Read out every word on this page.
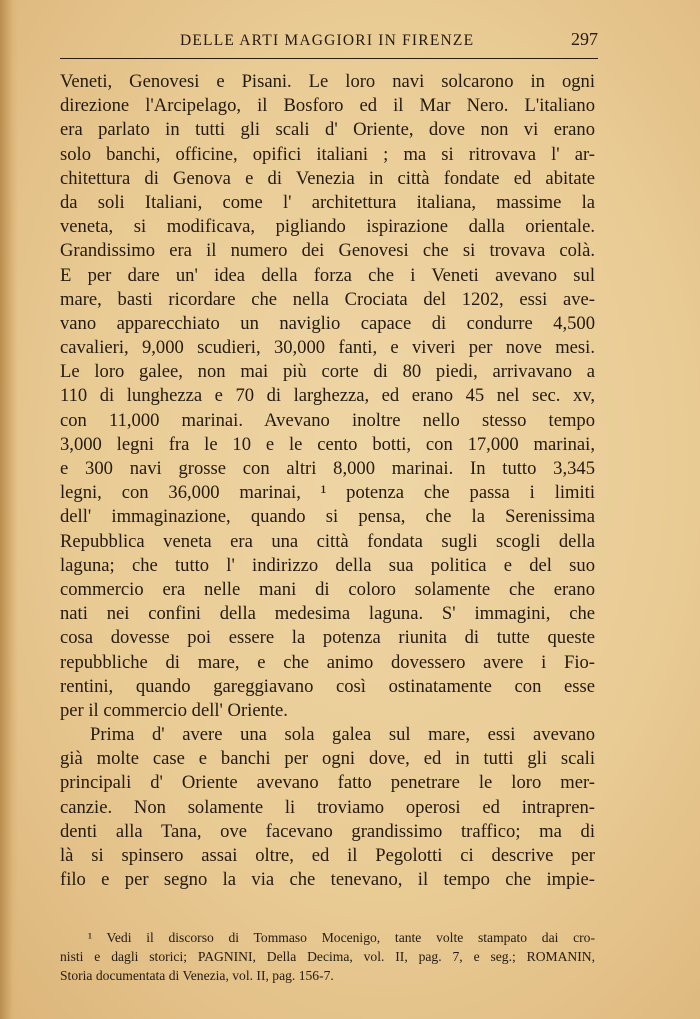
DELLE ARTI MAGGIORI IN FIRENZE	297
Veneti, Genovesi e Pisani. Le loro navi solcarono in ogni
direzione l'Arcipelago, il Bosforo ed il Mar Nero. L'italiano
era parlato in tutti gli scali d' Oriente, dove non vi erano
solo banchi, officine, opifici italiani ; ma si ritrovava l' ar-
chitettura di Genova e di Venezia in città fondate ed abitate
da soli Italiani, come l' architettura italiana, massime la
veneta, si modificava, pigliando ispirazione dalla orientale.
Grandissimo era il numero dei Genovesi che si trovava colà.
E per dare un' idea della forza che i Veneti avevano sul
mare, basti ricordare che nella Crociata del 1202, essi ave-
vano apparecchiato un naviglio capace di condurre 4,500
cavalieri, 9,000 scudieri, 30,000 fanti, e viveri per nove mesi.
Le loro galee, non mai più corte di 80 piedi, arrivavano a
110 di lunghezza e 70 di larghezza, ed erano 45 nel sec. xv,
con 11,000 marinai. Avevano inoltre nello stesso tempo
3,000 legni fra le 10 e le cento botti, con 17,000 marinai,
e 300 navi grosse con altri 8,000 marinai. In tutto 3,345
legni, con 36,000 marinai, ¹ potenza che passa i limiti
dell' immaginazione, quando si pensa, che la Serenissima
Repubblica veneta era una città fondata sugli scogli della
laguna; che tutto l' indirizzo della sua politica e del suo
commercio era nelle mani di coloro solamente che erano
nati nei confini della medesima laguna. S' immagini, che
cosa dovesse poi essere la potenza riunita di tutte queste
repubbliche di mare, e che animo dovessero avere i Fio-
rentini, quando gareggiavano così ostinatamente con esse
per il commercio dell' Oriente.
Prima d' avere una sola galea sul mare, essi avevano
già molte case e banchi per ogni dove, ed in tutti gli scali
principali d' Oriente avevano fatto penetrare le loro mer-
canzie. Non solamente li troviamo operosi ed intrapren-
denti alla Tana, ove facevano grandissimo traffico; ma di
là si spinsero assai oltre, ed il Pegolotti ci descrive per
filo e per segno la via che tenevano, il tempo che impie-
¹ Vedi il discorso di Tommaso Mocenigo, tante volte stampato dai cro-
nisti e dagli storici; PAGNINI, Della Decima, vol. II, pag. 7, e seg.; ROMANIN,
Storia documentata di Venezia, vol. II, pag. 156-7.
